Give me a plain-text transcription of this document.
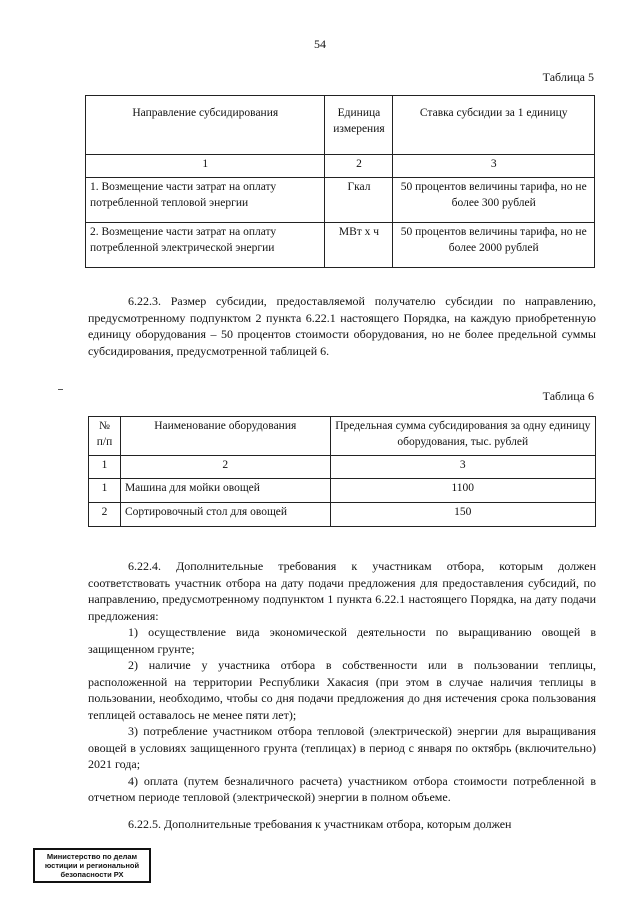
54
Таблица 5
Направление субсидирования	Единица измерения	Ставка субсидии за 1 единицу
1	2	3
1. Возмещение части затрат на оплату потребленной тепловой энергии	Гкал	50 процентов величины тарифа, но не более 300 рублей
2. Возмещение части затрат на оплату потребленной электрической энергии	МВт х ч	50 процентов величины тарифа, но не более 2000 рублей

6.22.3. Размер субсидии, предоставляемой получателю субсидии по направлению, предусмотренному подпунктом 2 пункта 6.22.1 настоящего Порядка, на каждую приобретенную единицу оборудования – 50 процентов стоимости оборудования, но не более предельной суммы субсидирования, предусмотренной таблицей 6.

Таблица 6
№ п/п	Наименование оборудования	Предельная сумма субсидирования за одну единицу оборудования, тыс. рублей
1	2	3
1	Машина для мойки овощей	1100
2	Сортировочный стол для овощей	150
6.22.4. Дополнительные требования к участникам отбора, которым должен соответствовать участник отбора на дату подачи предложения для предоставления субсидий, по направлению, предусмотренному подпунктом 1 пункта 6.22.1 настоящего Порядка, на дату подачи предложения:
1) осуществление вида экономической деятельности по выращиванию овощей в защищенном грунте;
2) наличие у участника отбора в собственности или в пользовании теплицы, расположенной на территории Республики Хакасия (при этом в случае наличия теплицы в пользовании, необходимо, чтобы со дня подачи предложения до дня истечения срока пользования теплицей оставалось не менее пяти лет);
3) потребление участником отбора тепловой (электрической) энергии для выращивания овощей в условиях защищенного грунта (теплицах) в период с января по октябрь (включительно) 2021 года;
4) оплата (путем безналичного расчета) участником отбора стоимости потребленной в отчетном периоде тепловой (электрической) энергии в полном объеме.

6.22.5. Дополнительные требования к участникам отбора, которым должен

Министерство по делам
юстиции и региональной
безопасности РХ
